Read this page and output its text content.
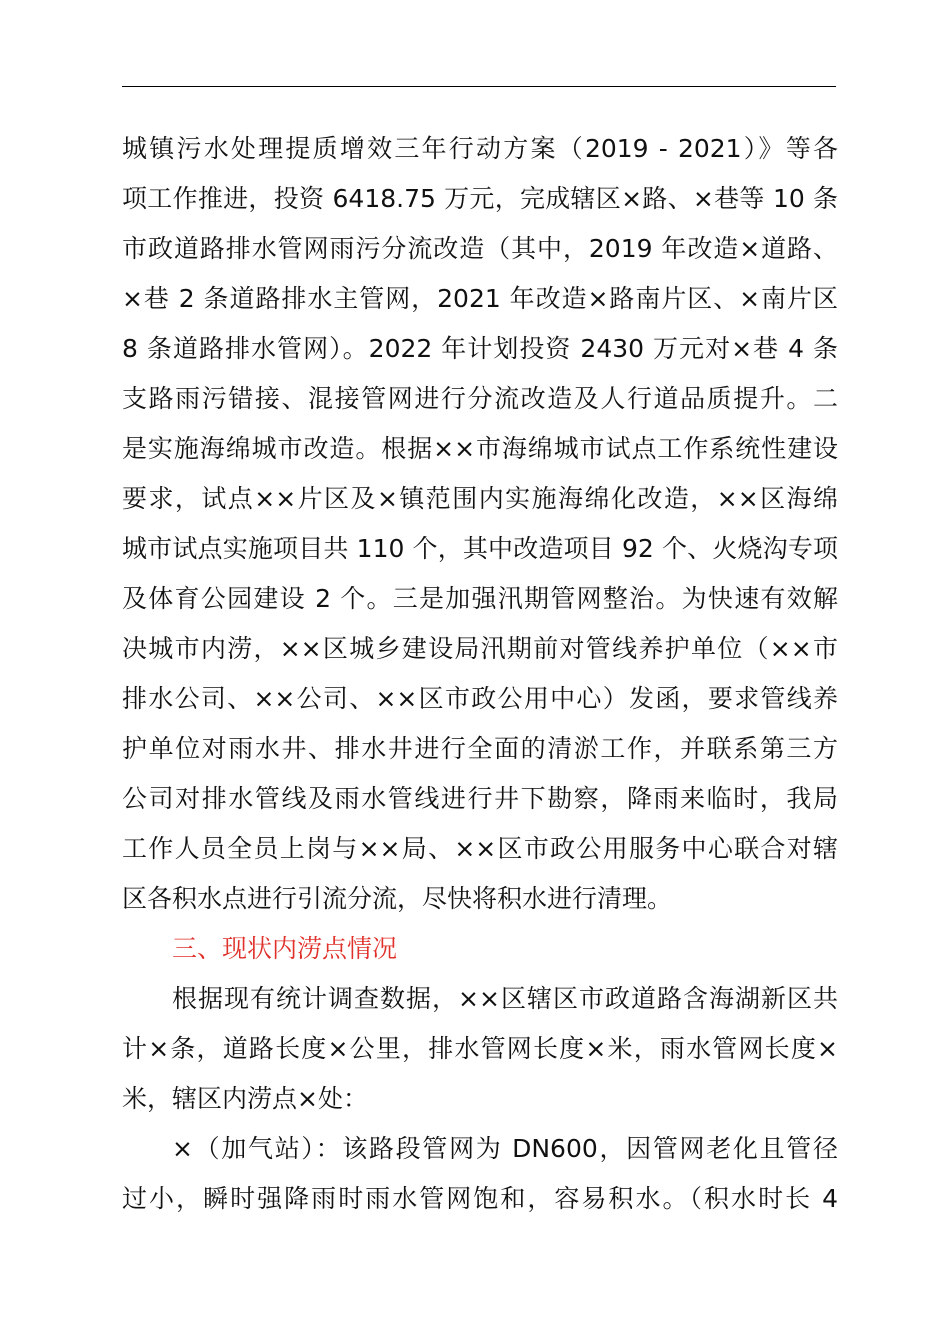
城镇污水处理提质增效三年行动方案（2019 - 2021）》等各
项工作推进，投资 6418.75 万元，完成辖区×路、×巷等 10 条
市政道路排水管网雨污分流改造（其中，2019 年改造×道路、
×巷 2 条道路排水主管网，2021 年改造×路南片区、×南片区
8 条道路排水管网）。2022 年计划投资 2430 万元对×巷 4 条
支路雨污错接、混接管网进行分流改造及人行道品质提升。二
是实施海绵城市改造。根据××市海绵城市试点工作系统性建设
要求，试点××片区及×镇范围内实施海绵化改造，××区海绵
城市试点实施项目共 110 个，其中改造项目 92 个、火烧沟专项
及体育公园建设 2 个。三是加强汛期管网整治。为快速有效解
决城市内涝，××区城乡建设局汛期前对管线养护单位（××市
排水公司、××公司、××区市政公用中心）发函，要求管线养
护单位对雨水井、排水井进行全面的清淤工作，并联系第三方
公司对排水管线及雨水管线进行井下勘察，降雨来临时，我局
工作人员全员上岗与××局、××区市政公用服务中心联合对辖
区各积水点进行引流分流，尽快将积水进行清理。
三、现状内涝点情况
根据现有统计调查数据，××区辖区市政道路含海湖新区共
计×条，道路长度×公里，排水管网长度×米，雨水管网长度×
米，辖区内涝点×处：
×（加气站）：该路段管网为 DN600，因管网老化且管径
过小，瞬时强降雨时雨水管网饱和，容易积水。（积水时长 4
